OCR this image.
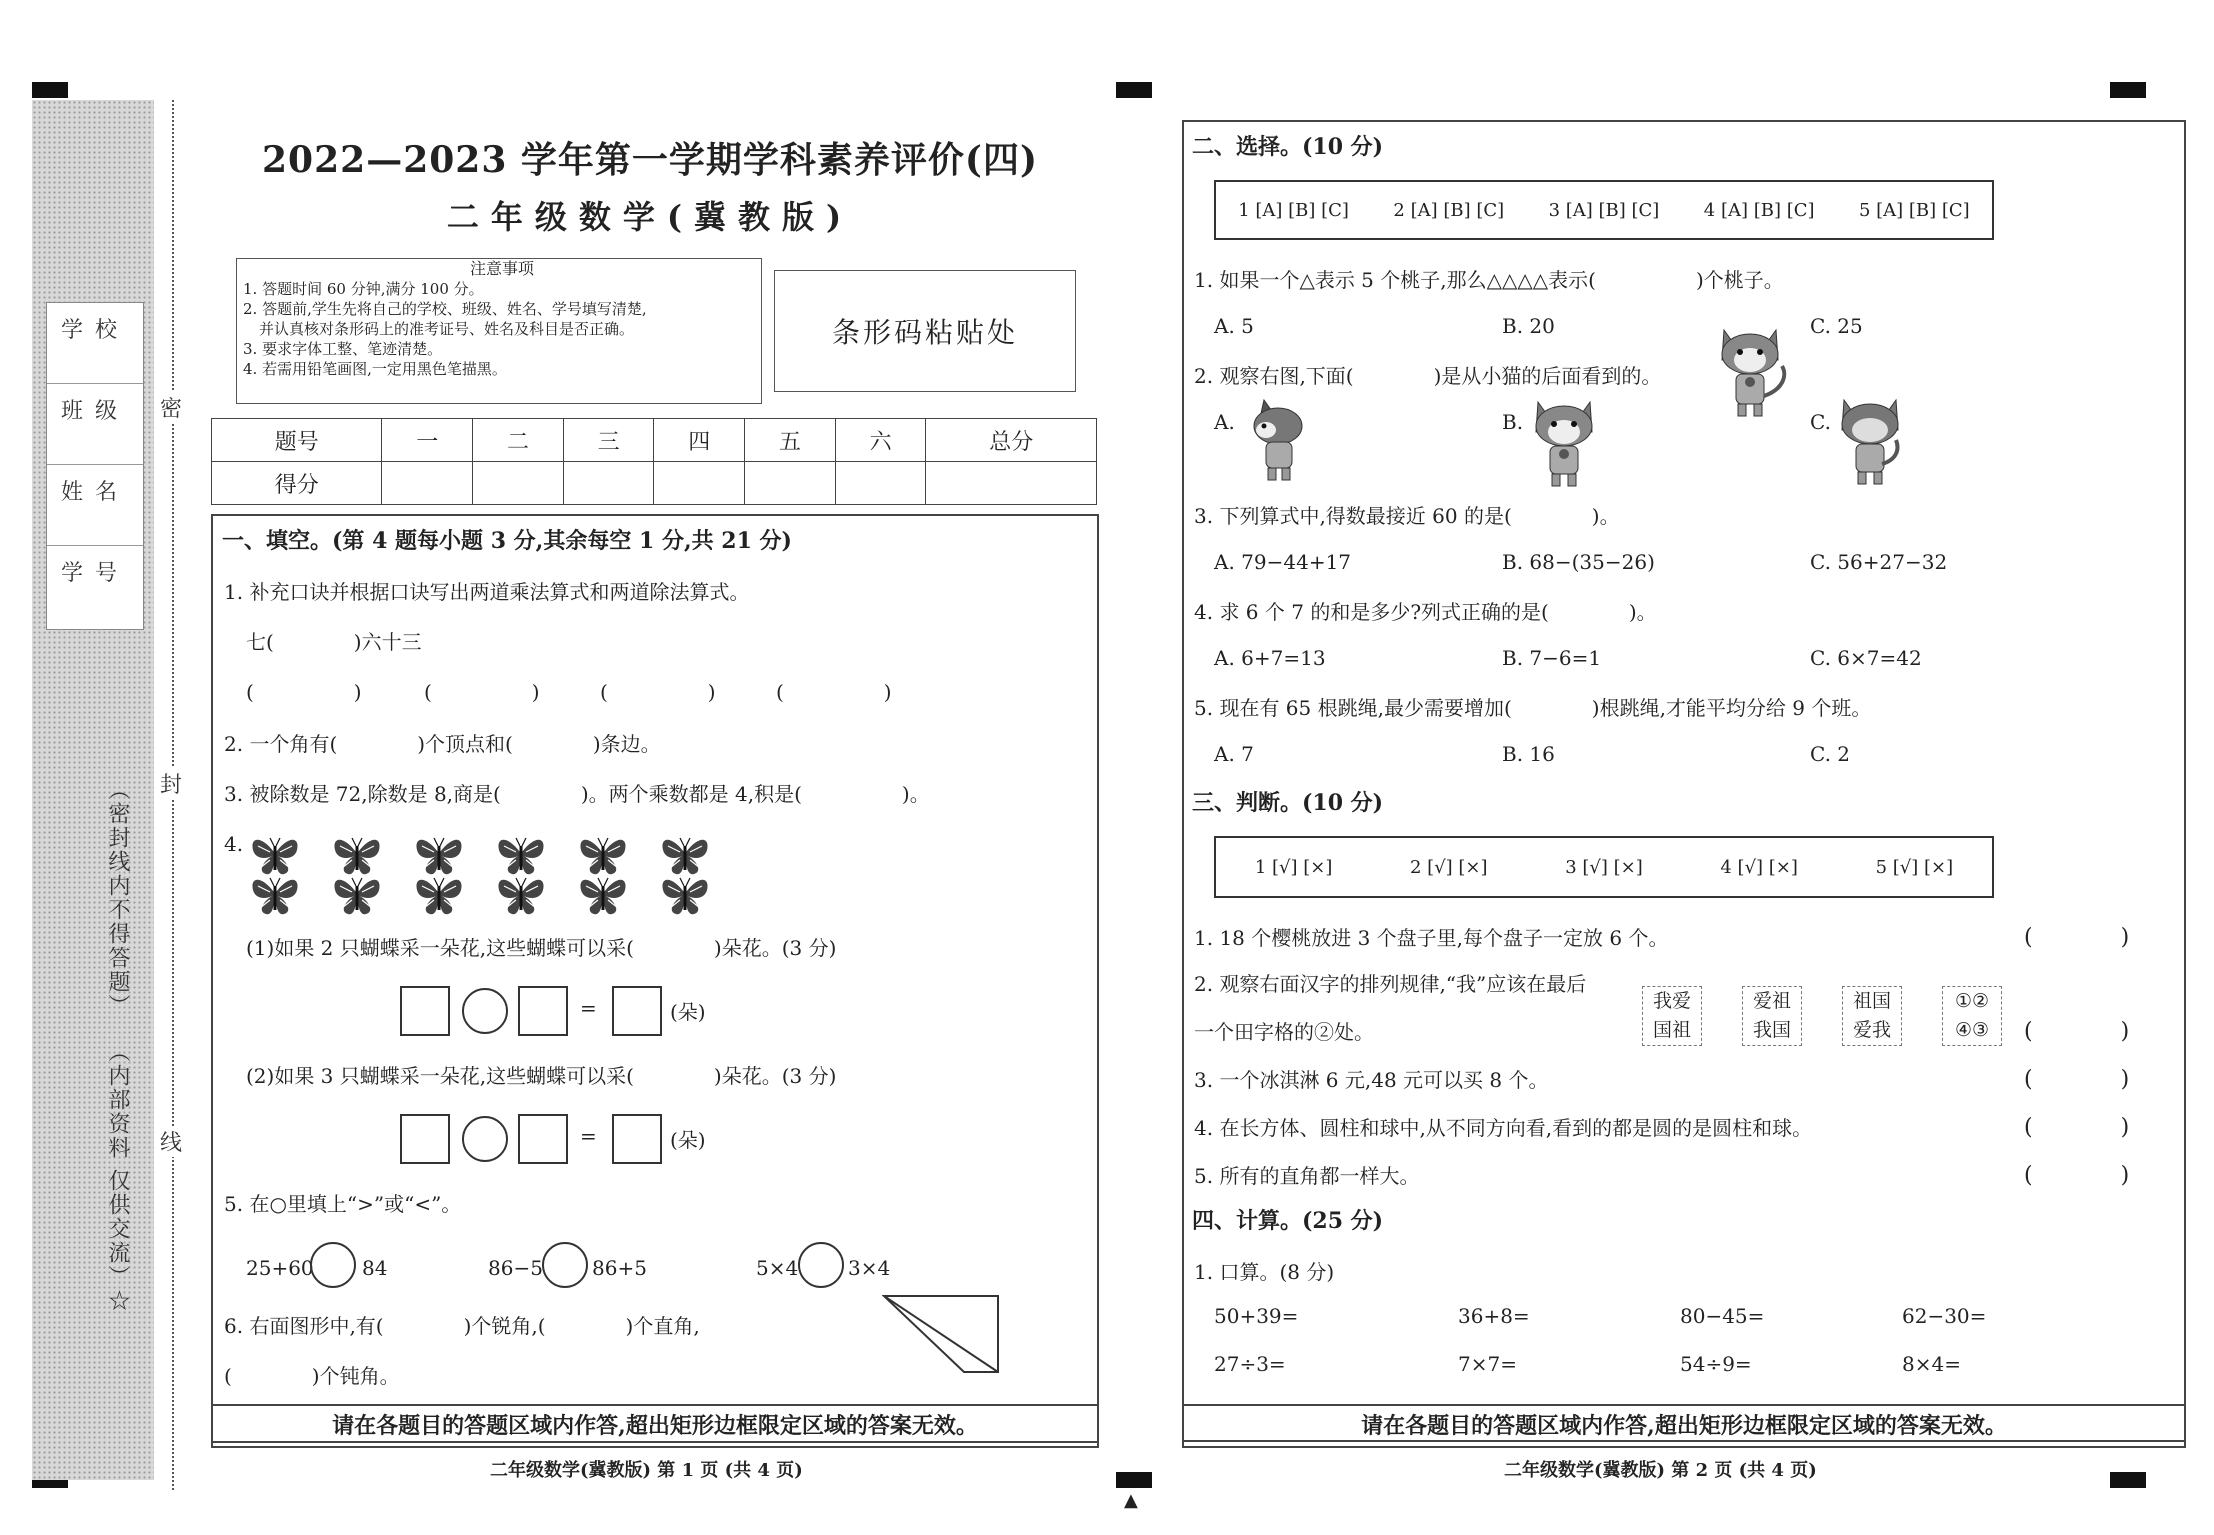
▲
学校
班级
姓名
学号
（密封线内不得答题）
（内部资料 仅供交流）☆
密
封
线
2022—2023 学年第一学期学科素养评价(四)
二年级数学(冀教版)
注意事项
1. 答题时间 60 分钟,满分 100 分。
2. 答题前,学生先将自己的学校、班级、姓名、学号填写清楚,
并认真核对条形码上的准考证号、姓名及科目是否正确。
3. 要求字体工整、笔迹清楚。
4. 若需用铅笔画图,一定用黑色笔描黑。
条形码粘贴处
题号	一	二	三	四	五	六	总分
得分							
一、填空。(第 4 题每小题 3 分,其余每空 1 分,共 21 分)
1. 补充口诀并根据口诀写出两道乘法算式和两道除法算式。
七(　　　　)六十三
(　　　　　)	(　　　　　)	(　　　　　)	(　　　　　)
2. 一个角有(　　　　)个顶点和(　　　　)条边。
3. 被除数是 72,除数是 8,商是(　　　　)。两个乘数都是 4,积是(　　　　　)。
4.
(1)如果 2 只蝴蝶采一朵花,这些蝴蝶可以采(　　　　)朵花。(3 分)
=	(朵)
(2)如果 3 只蝴蝶采一朵花,这些蝴蝶可以采(　　　　)朵花。(3 分)
=	(朵)
5. 在○里填上“>”或“<”。
25+60 84	86−5 86+5	5×4 3×4
6. 右面图形中,有(　　　　)个锐角,(　　　　)个直角,
(　　　　)个钝角。
请在各题目的答题区域内作答,超出矩形边框限定区域的答案无效。
二年级数学(冀教版) 第 1 页 (共 4 页)
二、选择。(10 分)
1 [A] [B] [C] 2 [A] [B] [C] 3 [A] [B] [C] 4 [A] [B] [C] 5 [A] [B] [C]
1. 如果一个△表示 5 个桃子,那么△△△△表示(　　　　　)个桃子。
A. 5	B. 20	C. 25
2. 观察右图,下面(　　　　)是从小猫的后面看到的。
A.	B.	C.
3. 下列算式中,得数最接近 60 的是(　　　　)。
A. 79−44+17	B. 68−(35−26)	C. 56+27−32
4. 求 6 个 7 的和是多少?列式正确的是(　　　　)。
A. 6+7=13	B. 7−6=1	C. 6×7=42
5. 现在有 65 根跳绳,最少需要增加(　　　　)根跳绳,才能平均分给 9 个班。
A. 7	B. 16	C. 2
三、判断。(10 分)
1 [√] [×]	2 [√] [×]	3 [√] [×]	4 [√] [×]	5 [√] [×]
1. 18 个樱桃放进 3 个盘子里,每个盘子一定放 6 个。	(　　　　)
2. 观察右面汉字的排列规律,“我”应该在最后
一个田字格的②处。
我爱
国祖
爱祖
我国
祖国
爱我
①②
④③	(　　　　)
3. 一个冰淇淋 6 元,48 元可以买 8 个。	(　　　　)
4. 在长方体、圆柱和球中,从不同方向看,看到的都是圆的是圆柱和球。	(　　　　)
5. 所有的直角都一样大。	(　　　　)
四、计算。(25 分)
1. 口算。(8 分)
50+39=	36+8=	80−45=	62−30=
27÷3=	7×7=	54÷9=	8×4=
请在各题目的答题区域内作答,超出矩形边框限定区域的答案无效。
二年级数学(冀教版) 第 2 页 (共 4 页)
